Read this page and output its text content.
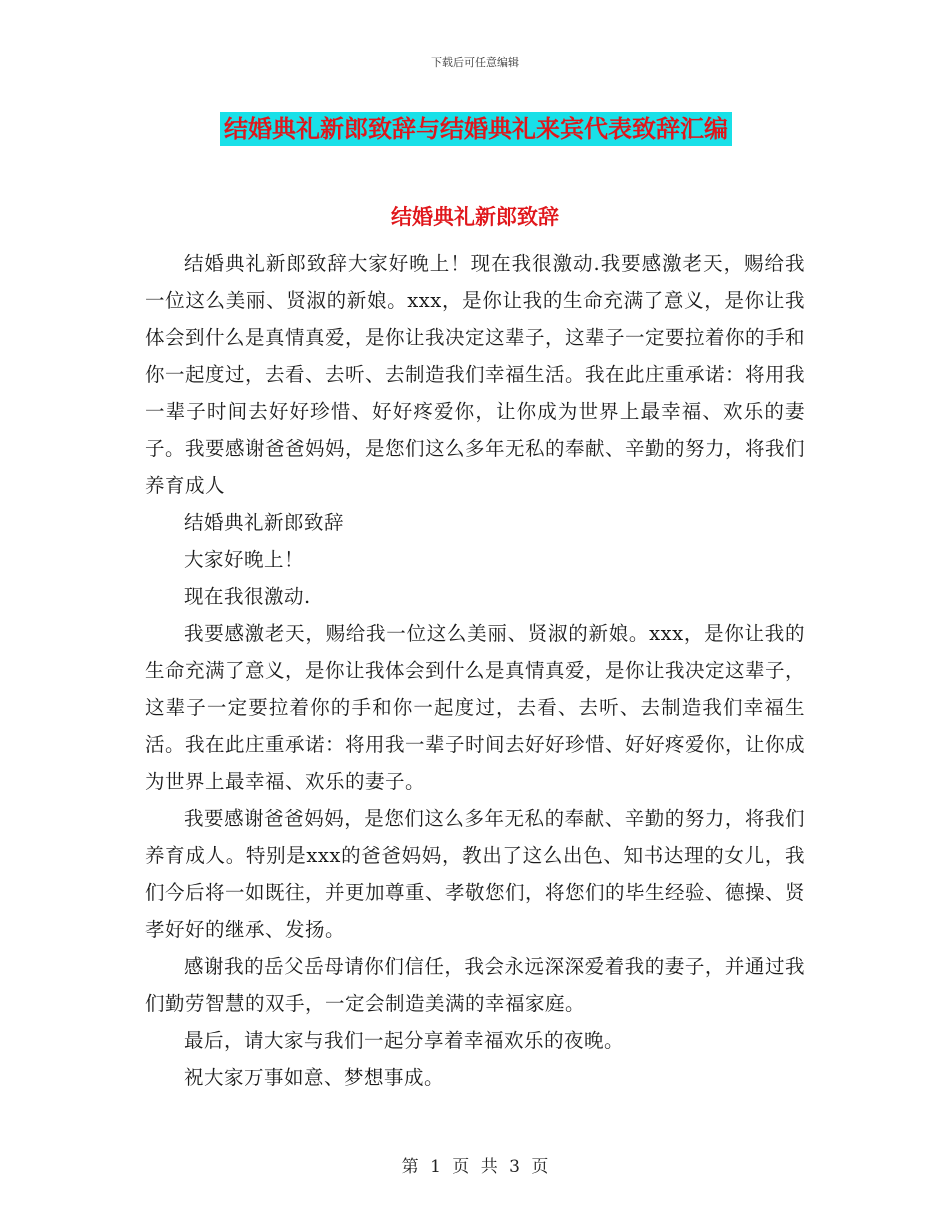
下载后可任意编辑
结婚典礼新郎致辞与结婚典礼来宾代表致辞汇编
结婚典礼新郎致辞

结婚典礼新郎致辞大家好晚上！现在我很激动.我要感激老天，赐给我一位这么美丽、贤淑的新娘。xxx，是你让我的生命充满了意义，是你让我体会到什么是真情真爱，是你让我决定这辈子，这辈子一定要拉着你的手和你一起度过，去看、去听、去制造我们幸福生活。我在此庄重承诺：将用我一辈子时间去好好珍惜、好好疼爱你，让你成为世界上最幸福、欢乐的妻子。我要感谢爸爸妈妈，是您们这么多年无私的奉献、辛勤的努力，将我们养育成人

结婚典礼新郎致辞

大家好晚上！

现在我很激动.

我要感激老天，赐给我一位这么美丽、贤淑的新娘。xxx，是你让我的生命充满了意义，是你让我体会到什么是真情真爱，是你让我决定这辈子，这辈子一定要拉着你的手和你一起度过，去看、去听、去制造我们幸福生活。我在此庄重承诺：将用我一辈子时间去好好珍惜、好好疼爱你，让你成为世界上最幸福、欢乐的妻子。

我要感谢爸爸妈妈，是您们这么多年无私的奉献、辛勤的努力，将我们养育成人。特别是xxx的爸爸妈妈，教出了这么出色、知书达理的女儿，我们今后将一如既往，并更加尊重、孝敬您们，将您们的毕生经验、德操、贤孝好好的继承、发扬。

感谢我的岳父岳母请你们信任，我会永远深深爱着我的妻子，并通过我们勤劳智慧的双手，一定会制造美满的幸福家庭。

最后，请大家与我们一起分享着幸福欢乐的夜晚。

祝大家万事如意、梦想事成。

第 1 页 共 3 页
